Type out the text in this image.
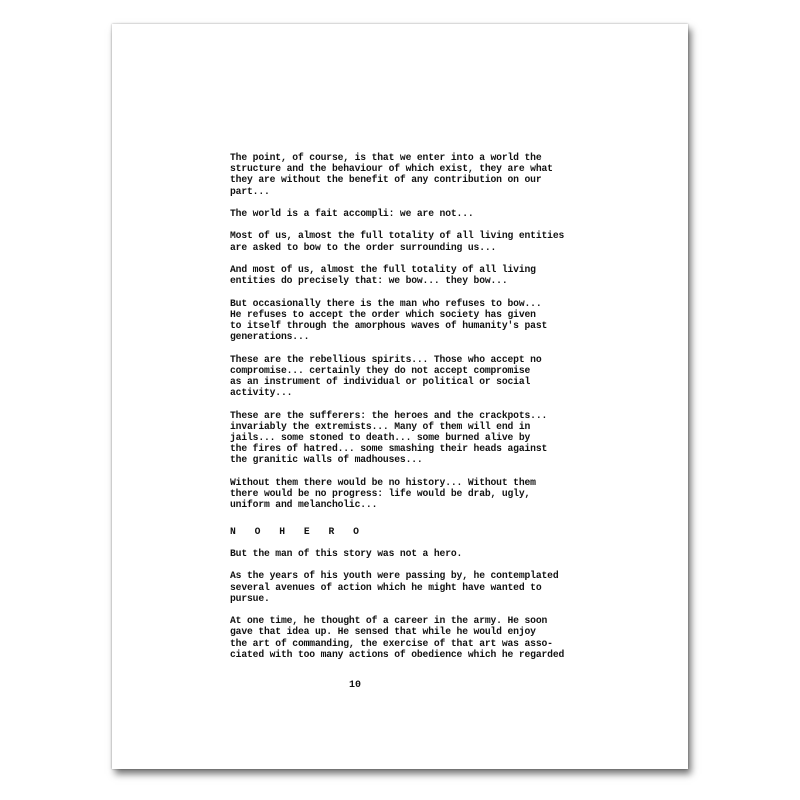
The point, of course, is that we enter into a world the
structure and the behaviour of which exist, they are what
they are without the benefit of any contribution on our
part...

The world is a fait accompli: we are not...

Most of us, almost the full totality of all living entities
are asked to bow to the order surrounding us...

And most of us, almost the full totality of all living
entities do precisely that: we bow... they bow...

But occasionally there is the man who refuses to bow...
He refuses to accept the order which society has given
to itself through the amorphous waves of humanity's past
generations...

These are the rebellious spirits... Those who accept no
compromise... certainly they do not accept compromise
as an instrument of individual or political or social
activity...

These are the sufferers: the heroes and the crackpots...
invariably the extremists... Many of them will end in
jails... some stoned to death... some burned alive by
the fires of hatred... some smashing their heads against
the granitic walls of madhouses...

Without them there would be no history... Without them
there would be no progress: life would be drab, ugly,
uniform and melancholic...

N O H E R O

But the man of this story was not a hero.

As the years of his youth were passing by, he contemplated
several avenues of action which he might have wanted to
pursue.

At one time, he thought of a career in the army. He soon
gave that idea up. He sensed that while he would enjoy
the art of commanding, the exercise of that art was asso-
ciated with too many actions of obedience which he regarded

10
